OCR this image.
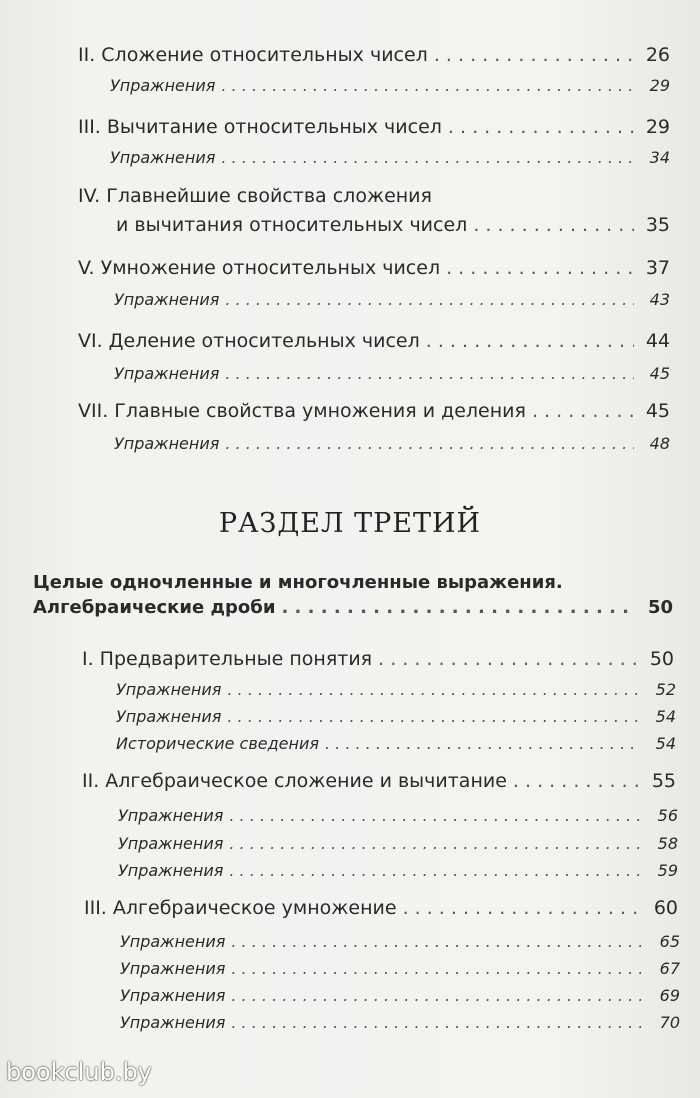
II. Сложение относительных чисел . . .	26
Упражнения . . .	29
III. Вычитание относительных чисел . . .	29
Упражнения . . .	34
IV. Главнейшие свойства сложения
и вычитания относительных чисел . . .	35
V. Умножение относительных чисел . . .	37
Упражнения . . .	43
VI. Деление относительных чисел . . .	44
Упражнения . . .	45
VII. Главные свойства умножения и деления . . .	45
Упражнения . . .	48
РАЗДЕЛ ТРЕТИЙ
Целые одночленные и многочленные выражения.
Алгебраические дроби . . .	50
I. Предварительные понятия . . .	50
Упражнения . . .	52
Упражнения . . .	54
Исторические сведения . . .	54
II. Алгебраическое сложение и вычитание . . .	55
Упражнения . . .	56
Упражнения . . .	58
Упражнения . . .	59
III. Алгебраическое умножение . . .	60
Упражнения . . .	65
Упражнения . . .	67
Упражнения . . .	69
Упражнения . . .	70
bookclub.by
